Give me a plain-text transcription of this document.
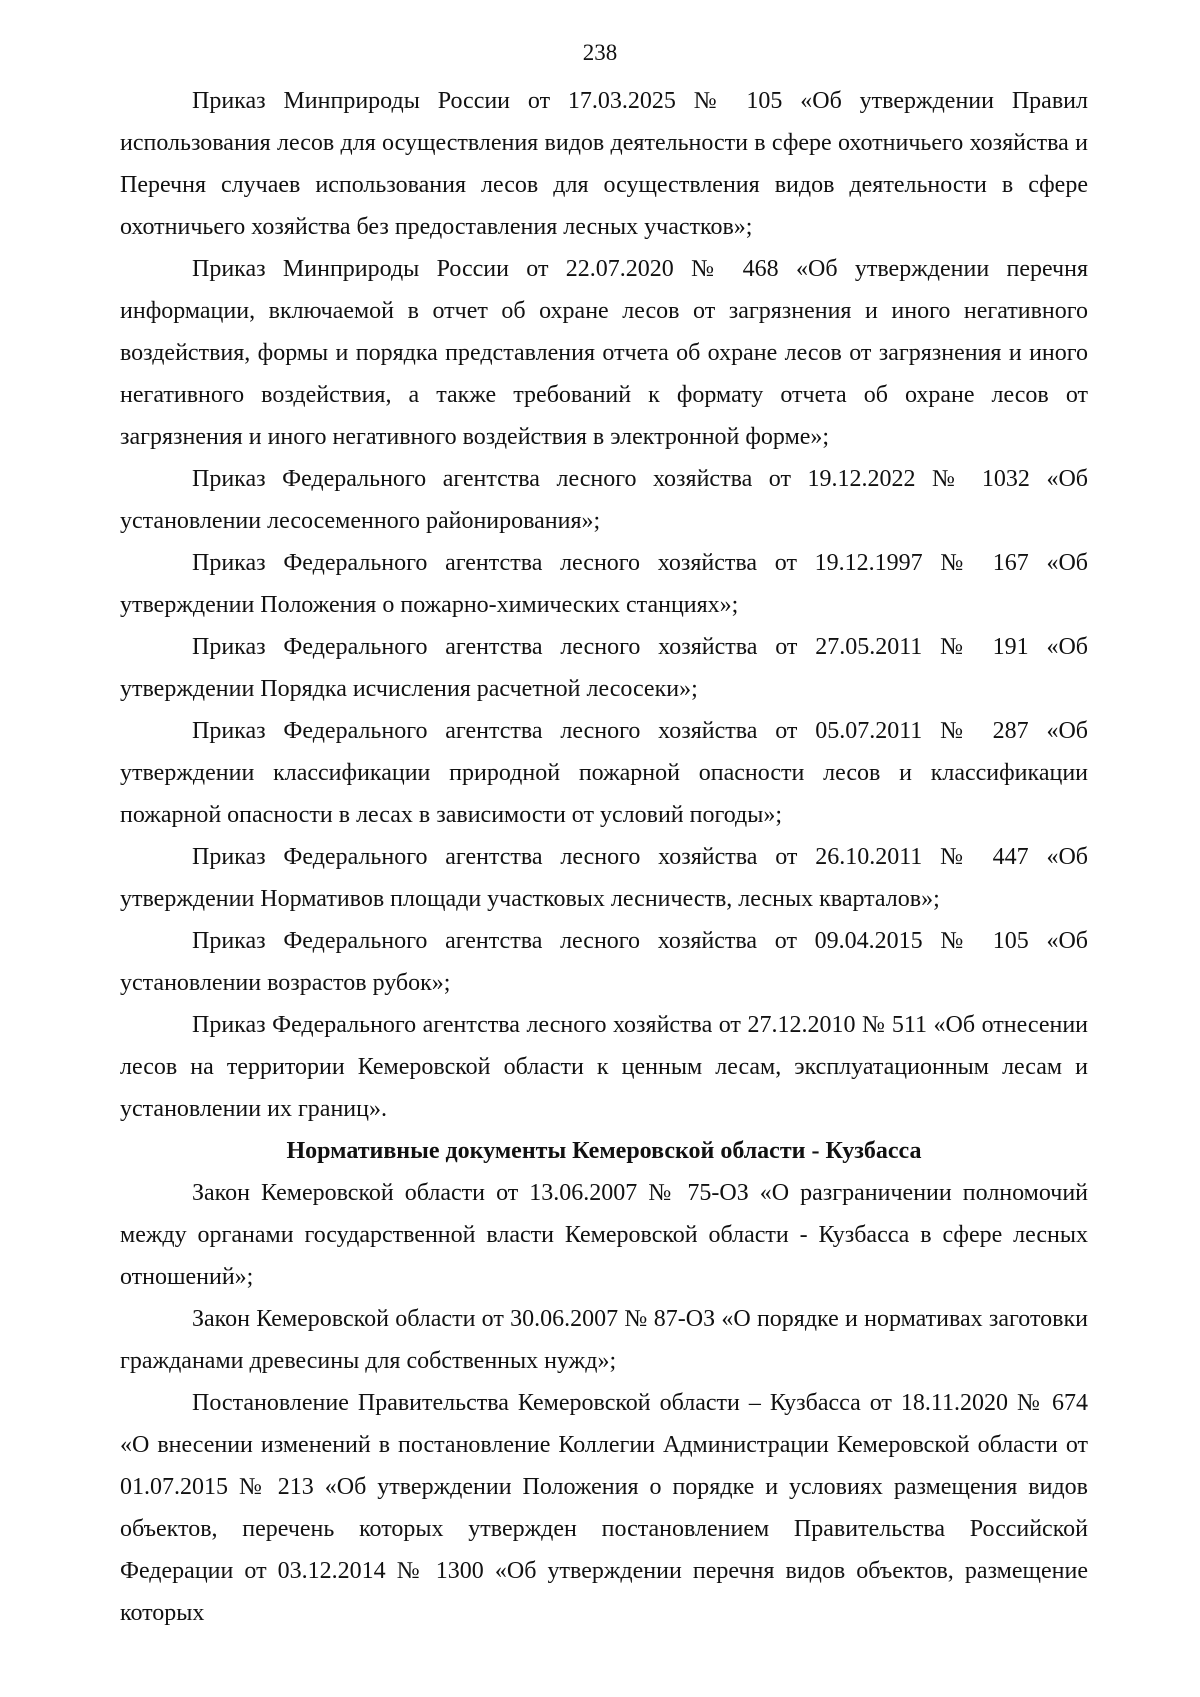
238

Приказ Минприроды России от 17.03.2025 № 105 «Об утверждении Правил использования лесов для осуществления видов деятельности в сфере охотничьего хозяйства и Перечня случаев использования лесов для осуществления видов деятельности в сфере охотничьего хозяйства без предоставления лесных участков»;

Приказ Минприроды России от 22.07.2020 № 468 «Об утверждении перечня информации, включаемой в отчет об охране лесов от загрязнения и иного негативного воздействия, формы и порядка представления отчета об охране лесов от загрязнения и иного негативного воздействия, а также требований к формату отчета об охране лесов от загрязнения и иного негативного воздействия в электронной форме»;

Приказ Федерального агентства лесного хозяйства от 19.12.2022 № 1032 «Об установлении лесосеменного районирования»;

Приказ Федерального агентства лесного хозяйства от 19.12.1997 № 167 «Об утверждении Положения о пожарно-химических станциях»;

Приказ Федерального агентства лесного хозяйства от 27.05.2011 № 191 «Об утверждении Порядка исчисления расчетной лесосеки»;

Приказ Федерального агентства лесного хозяйства от 05.07.2011 № 287 «Об утверждении классификации природной пожарной опасности лесов и классификации пожарной опасности в лесах в зависимости от условий погоды»;

Приказ Федерального агентства лесного хозяйства от 26.10.2011 № 447 «Об утверждении Нормативов площади участковых лесничеств, лесных кварталов»;

Приказ Федерального агентства лесного хозяйства от 09.04.2015 № 105 «Об установлении возрастов рубок»;

Приказ Федерального агентства лесного хозяйства от 27.12.2010 № 511 «Об отнесении лесов на территории Кемеровской области к ценным лесам, эксплуатационным лесам и установлении их границ».

Нормативные документы Кемеровской области - Кузбасса

Закон Кемеровской области от 13.06.2007 № 75-ОЗ «О разграничении полномочий между органами государственной власти Кемеровской области - Кузбасса в сфере лесных отношений»;

Закон Кемеровской области от 30.06.2007 № 87-ОЗ «О порядке и нормативах заготовки гражданами древесины для собственных нужд»;

Постановление Правительства Кемеровской области – Кузбасса от 18.11.2020 № 674 «О внесении изменений в постановление Коллегии Администрации Кемеровской области от 01.07.2015 № 213 «Об утверждении Положения о порядке и условиях размещения видов объектов, перечень которых утвержден постановлением Правительства Российской Федерации от 03.12.2014 № 1300 «Об утверждении перечня видов объектов, размещение которых
